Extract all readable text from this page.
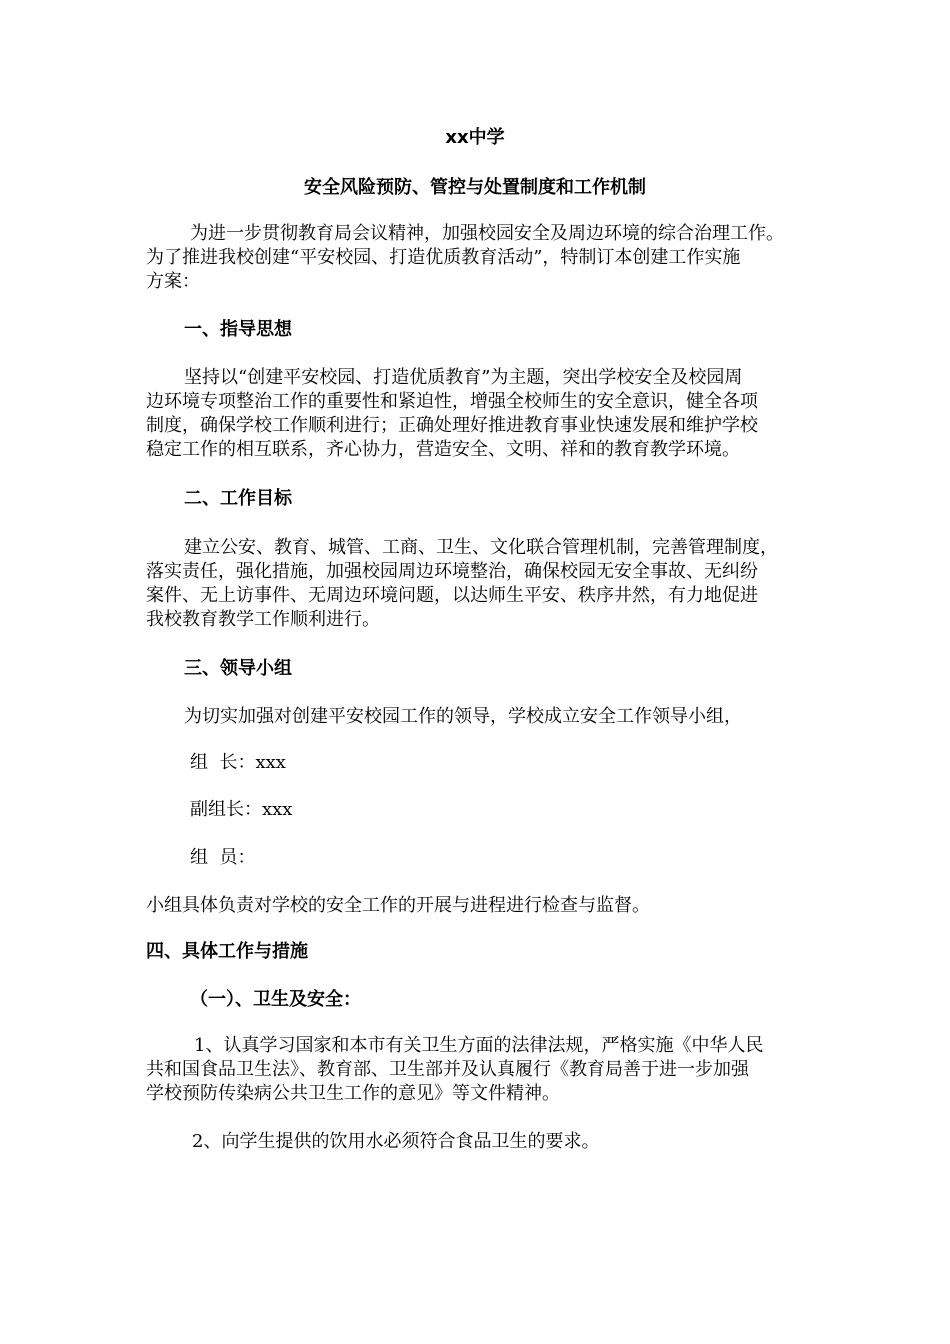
xx中学
安全风险预防、管控与处置制度和工作机制
为进一步贯彻教育局会议精神，加强校园安全及周边环境的综合治理工作。
为了推进我校创建“平安校园、打造优质教育活动”，特制订本创建工作实施
方案：
一、指导思想
坚持以“创建平安校园、打造优质教育”为主题，突出学校安全及校园周
边环境专项整治工作的重要性和紧迫性，增强全校师生的安全意识，健全各项
制度，确保学校工作顺利进行；正确处理好推进教育事业快速发展和维护学校
稳定工作的相互联系，齐心协力，营造安全、文明、祥和的教育教学环境。
二、工作目标
建立公安、教育、城管、工商、卫生、文化联合管理机制，完善管理制度，
落实责任，强化措施，加强校园周边环境整治，确保校园无安全事故、无纠纷
案件、无上访事件、无周边环境问题，以达师生平安、秩序井然，有力地促进
我校教育教学工作顺利进行。
三、领导小组
为切实加强对创建平安校园工作的领导，学校成立安全工作领导小组，
组  长：xxx
副组长：xxx
组  员：
小组具体负责对学校的安全工作的开展与进程进行检查与监督。
四、具体工作与措施
（一）、卫生及安全：
1、认真学习国家和本市有关卫生方面的法律法规，严格实施《中华人民
共和国食品卫生法》、教育部、卫生部并及认真履行《教育局善于进一步加强
学校预防传染病公共卫生工作的意见》等文件精神。
2、向学生提供的饮用水必须符合食品卫生的要求。
